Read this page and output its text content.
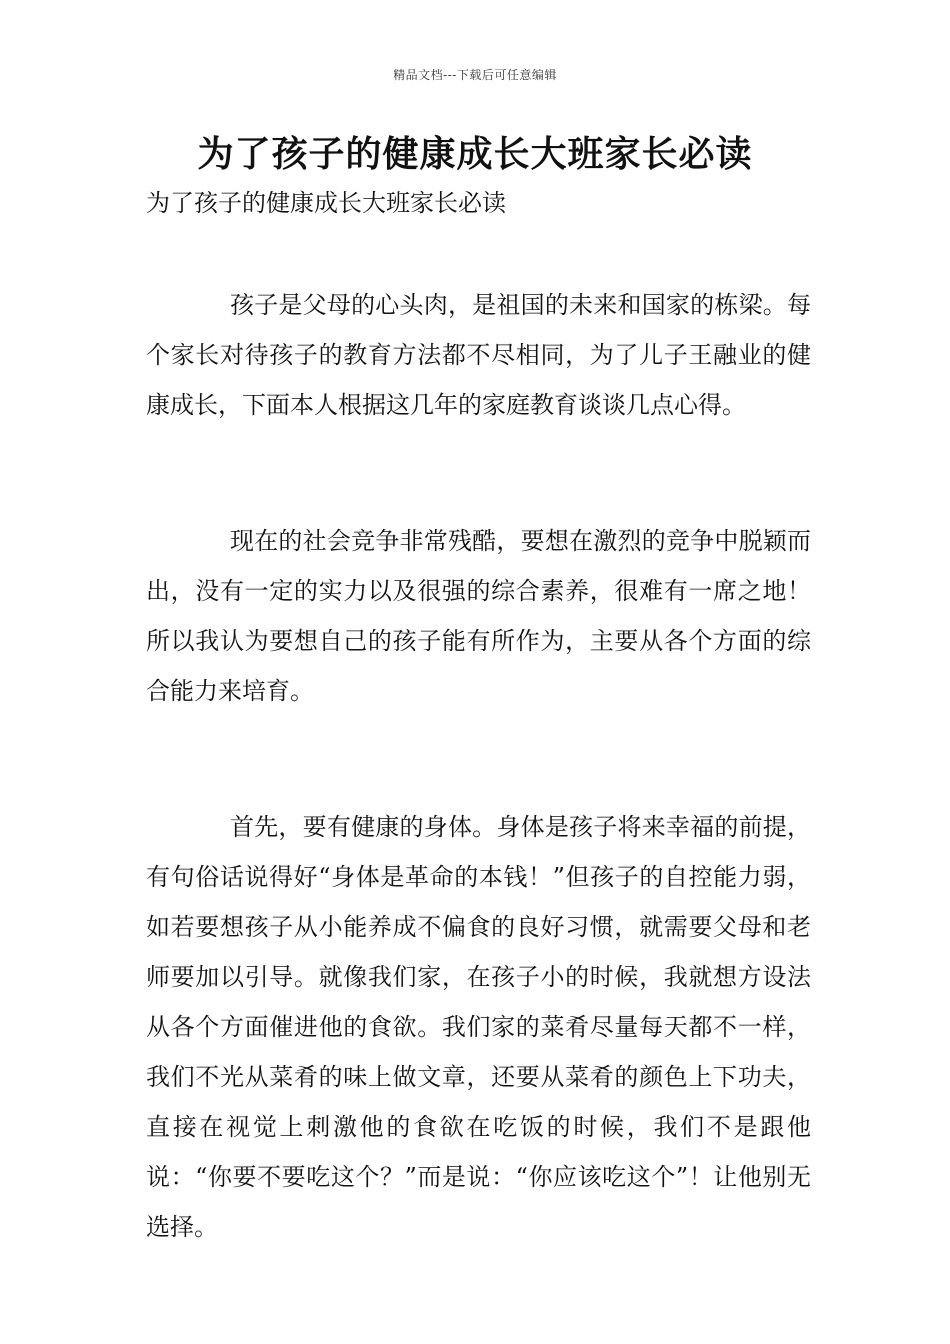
精品文档---下载后可任意编辑
为了孩子的健康成长大班家长必读
为了孩子的健康成长大班家长必读

孩子是父母的心头肉，是祖国的未来和国家的栋梁。每个家长对待孩子的教育方法都不尽相同，为了儿子王融业的健康成长，下面本人根据这几年的家庭教育谈谈几点心得。

现在的社会竞争非常残酷，要想在激烈的竞争中脱颖而出，没有一定的实力以及很强的综合素养，很难有一席之地！所以我认为要想自己的孩子能有所作为，主要从各个方面的综合能力来培育。

首先，要有健康的身体。身体是孩子将来幸福的前提，有句俗话说得好“身体是革命的本钱！”但孩子的自控能力弱，如若要想孩子从小能养成不偏食的良好习惯，就需要父母和老师要加以引导。就像我们家，在孩子小的时候，我就想方设法从各个方面催进他的食欲。我们家的菜肴尽量每天都不一样，我们不光从菜肴的味上做文章，还要从菜肴的颜色上下功夫，直接在视觉上刺激他的食欲在吃饭的时候，我们不是跟他说：“你要不要吃这个？”而是说：“你应该吃这个”！让他别无选择。
